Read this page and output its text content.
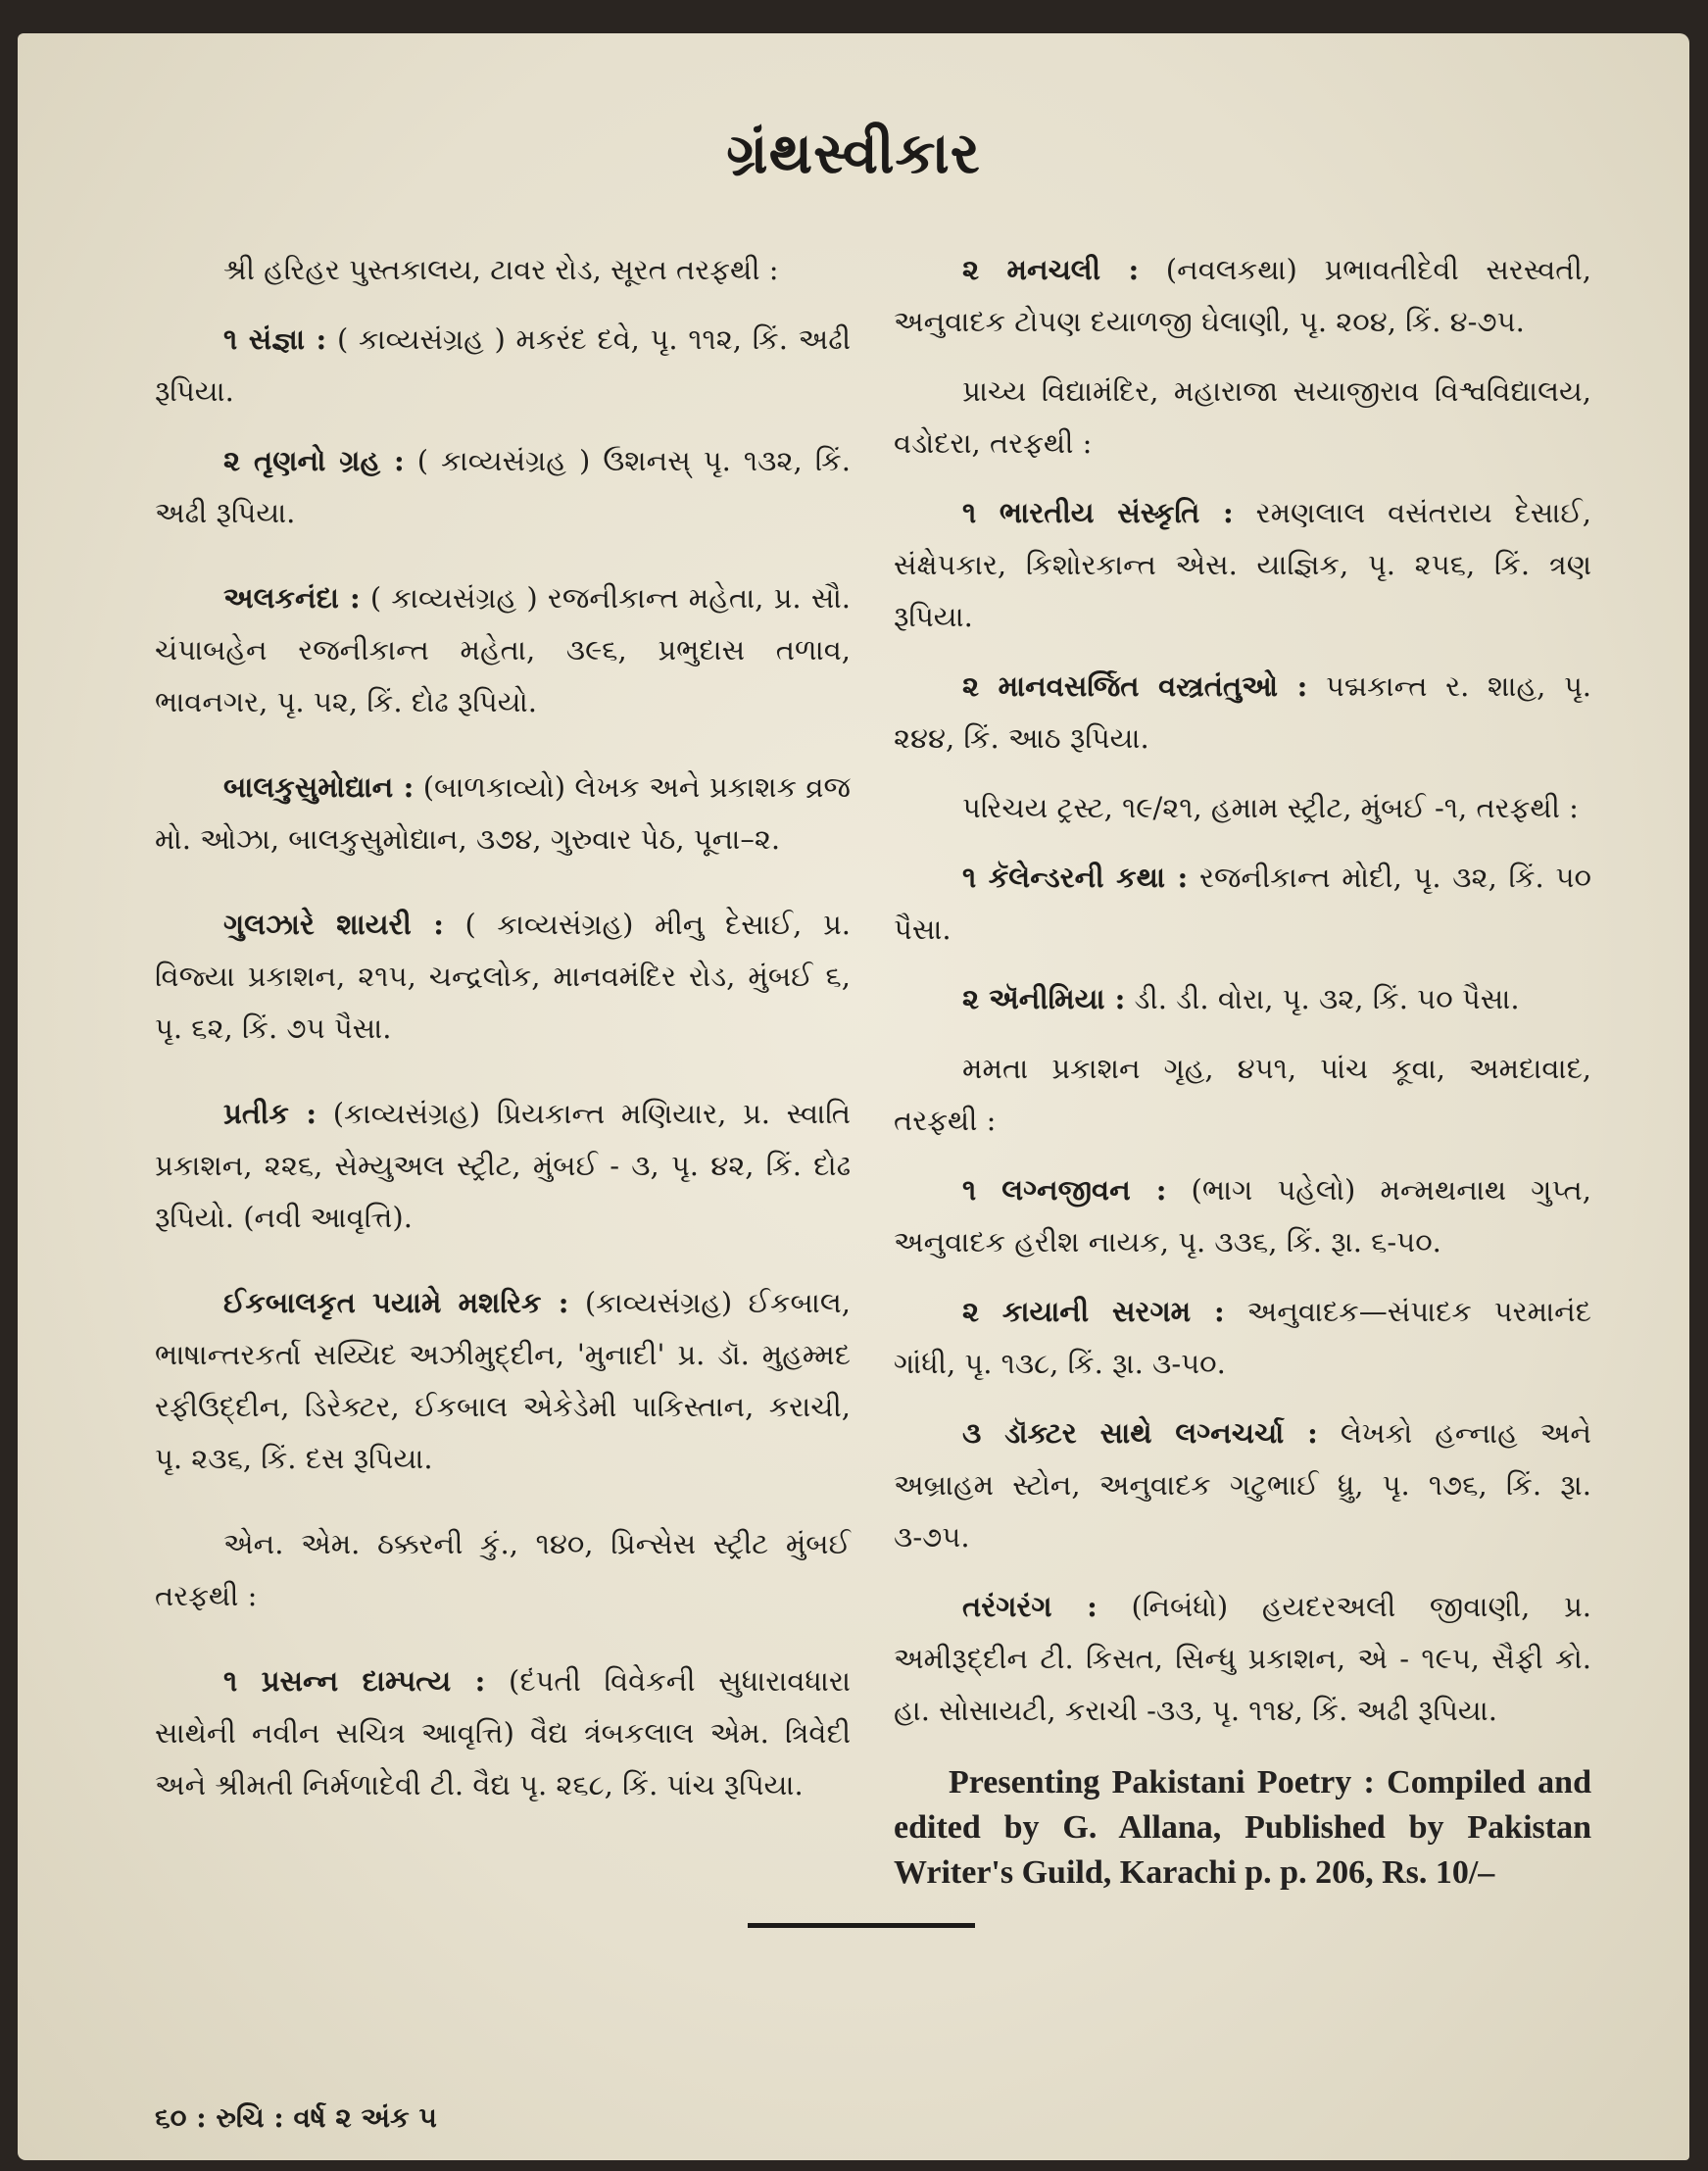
ગ્રંથસ્વીકાર

શ્રી હરિહર પુસ્તકાલય, ટાવર રોડ, સૂરત તરફથી :

૧ સંજ્ઞા : ( કાવ્યસંગ્રહ ) મકરંદ દવે, પૃ. ૧૧૨, કિં. અઢી રૂપિયા.

૨ તૃણનો ગ્રહ : ( કાવ્યસંગ્રહ ) ઉશનસ્ પૃ. ૧૩૨, કિં. અઢી રૂપિયા.

અલકનંદા : ( કાવ્યસંગ્રહ ) રજનીકાન્ત મહેતા, પ્ર. સૌ. ચંપાબહેન રજનીકાન્ત મહેતા, ૩૯૬, પ્રભુદાસ તળાવ, ભાવનગર, પૃ. ૫૨, કિં. દોઢ રૂપિયો.

બાલકુસુમોદ્યાન : (બાળકાવ્યો) લેખક અને પ્રકાશક વ્રજ મો. ઓઝા, બાલકુસુમોદ્યાન, ૩૭૪, ગુરુવાર પેઠ, પૂના–૨.

ગુલઝારે શાયરી : ( કાવ્યસંગ્રહ) મીનુ દેસાઈ, પ્ર. વિજ્યા પ્રકાશન, ૨૧૫, ચન્દ્રલોક, માનવમંદિર રોડ, મુંબઈ ૬, પૃ. ૬૨, કિં. ૭૫ પૈસા.

પ્રતીક : (કાવ્યસંગ્રહ) પ્રિયકાન્ત મણિયાર, પ્ર. સ્વાતિ પ્રકાશન, ૨૨૬, સેમ્યુઅલ સ્ટ્રીટ, મુંબઈ - ૩, પૃ. ૪૨, કિં. દોઢ રૂપિયો. (નવી આવૃત્તિ).

ઈકબાલકૃત પયામે મશરિક : (કાવ્યસંગ્રહ) ઈકબાલ, ભાષાન્તરકર્તા સય્યિદ અઝીમુદ્દીન, 'મુનાદી' પ્ર. ડૉ. મુહમ્મદ રફીઉદ્દીન, ડિરેક્ટર, ઈકબાલ એકેડેમી પાકિસ્તાન, કરાચી, પૃ. ૨૩૬, કિં. દસ રૂપિયા.

એન. એમ. ઠક્કરની કું., ૧૪૦, પ્રિન્સેસ સ્ટ્રીટ મુંબઈ તરફથી :

૧ પ્રસન્ન દામ્પત્ય : (દંપતી વિવેકની સુધારાવધારા સાથેની નવીન સચિત્ર આવૃત્તિ) વૈદ્ય ત્રંબકલાલ એમ. ત્રિવેદી અને શ્રીમતી નિર્મળાદેવી ટી. વૈદ્ય પૃ. ૨૬૮, કિં. પાંચ રૂપિયા.

૨ મનચલી : (નવલકથા) પ્રભાવતીદેવી સરસ્વતી, અનુવાદક ટોપણ દયાળજી ઘેલાણી, પૃ. ૨૦૪, કિં. ૪-૭૫.

પ્રાચ્ય વિદ્યામંદિર, મહારાજા સયાજીરાવ વિશ્વવિદ્યાલય, વડોદરા, તરફથી :

૧ ભારતીય સંસ્કૃતિ : રમણલાલ વસંતરાય દેસાઈ, સંક્ષેપકાર, કિશોરકાન્ત એસ. યાજ્ઞિક, પૃ. ૨૫૬, કિં. ત્રણ રૂપિયા.

૨ માનવસર્જિત વસ્ત્રતંતુઓ : પદ્મકાન્ત ર. શાહ, પૃ. ૨૪૪, કિં. આઠ રૂપિયા.

પરિચય ટ્રસ્ટ, ૧૯/૨૧, હમામ સ્ટ્રીટ, મુંબઈ -૧, તરફથી :

૧ કૅલેન્ડરની કથા : રજનીકાન્ત મોદી, પૃ. ૩૨, કિં. ૫૦ પૈસા.

૨ ઍનીમિયા : ડી. ડી. વોરા, પૃ. ૩૨, કિં. ૫૦ પૈસા.

મમતા પ્રકાશન ગૃહ, ૪૫૧, પાંચ કૂવા, અમદાવાદ, તરફથી :

૧ લગ્નજીવન : (ભાગ પહેલો) મન્મથનાથ ગુપ્ત, અનુવાદક હરીશ નાયક, પૃ. ૩૩૬, કિં. રૂા. ૬-૫૦.

૨ કાયાની સરગમ : અનુવાદક—સંપાદક પરમાનંદ ગાંધી, પૃ. ૧૩૮, કિં. રૂા. ૩-૫૦.

૩ ડૉક્ટર સાથે લગ્નચર્ચા : લેખકો હન્નાહ અને અબ્રાહમ સ્ટોન, અનુવાદક ગટુભાઈ ધ્રુ, પૃ. ૧૭૬, કિં. રૂા. ૩-૭૫.

તરંગરંગ : (નિબંધો) હયદરઅલી જીવાણી, પ્ર. અમીરૂદ્દીન ટી. કિસત, સિન્ધુ પ્રકાશન, એ - ૧૯૫, સૈફી કો. હા. સોસાયટી, કરાચી -૩૩, પૃ. ૧૧૪, કિં. અઢી રૂપિયા.

Presenting Pakistani Poetry : Compiled and edited by G. Allana, Published by Pakistan Writer's Guild, Karachi p. p. 206, Rs. 10/–

૬૦ : રુચિ : વર્ષ ૨ અંક ૫
